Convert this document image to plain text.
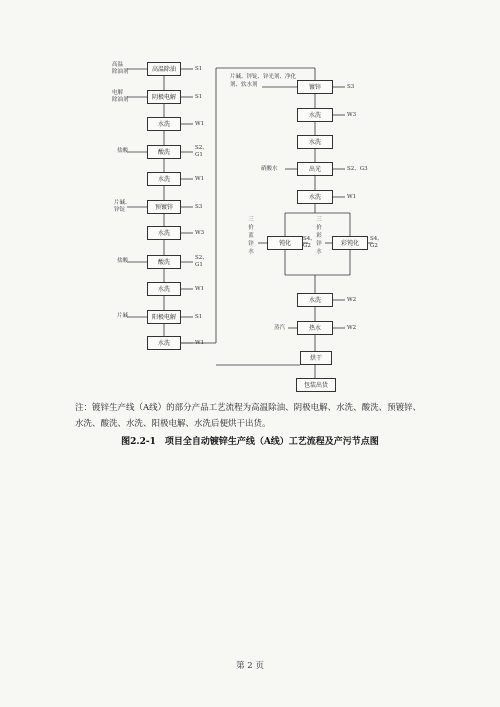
高温除油
阴极电解
水洗
酸洗
水洗
预镀锌
水洗
酸洗
水洗
阳极电解
水洗
高温
除油剂
电解
除油剂
盐酸
片碱、
锌锭
盐酸
片碱
S1
S1
W1
S2、
G1
W1
S3
W3
S2、
G1
W1
S1
W1
片碱、锌锭、锌光剂、净化剂、软水剂	镀锌
水洗
水洗
出光
水洗
钝化	彩钝化
水洗
热水
烘干
包装出货
硝酸水
三价蓝锌水
三价彩锌水
蒸汽
S3
W3
S2、G3
W1
S4、
G2
S4、
G2
W2
W2
注：镀锌生产线（A线）的部分产品工艺流程为高温除油、阴极电解、水洗、酸洗、预镀锌、水洗、酸洗、水洗、阳极电解、水洗后便烘干出货。
图2.2-1　项目全自动镀锌生产线（A线）工艺流程及产污节点图
第 2 页
